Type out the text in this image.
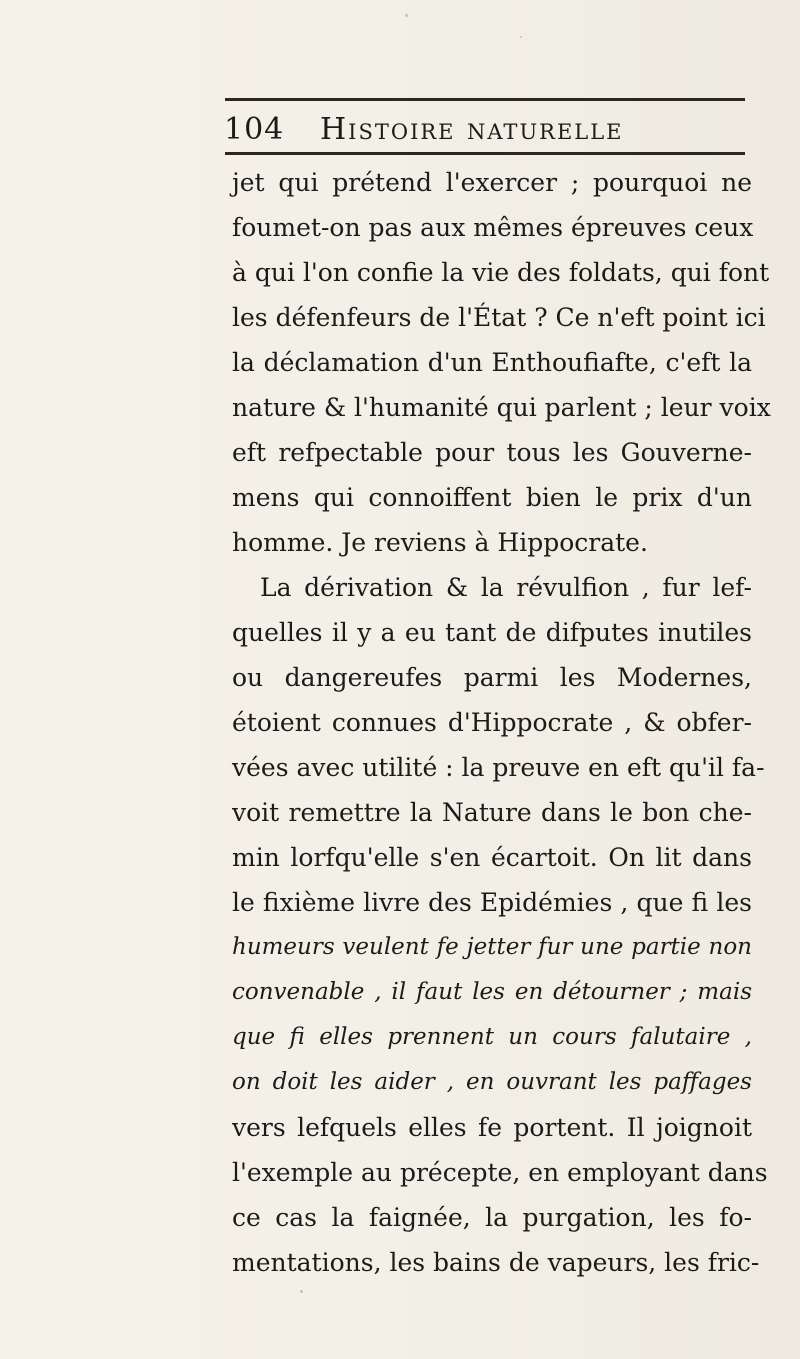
104 Histoire naturelle
jet qui prétend l'exercer ; pourquoi ne
foumet-on pas aux mêmes épreuves ceux
à qui l'on confie la vie des foldats, qui font
les défenfeurs de l'État ? Ce n'eft point ici
la déclamation d'un Enthoufiafte, c'eft la
nature & l'humanité qui parlent ; leur voix
eft refpectable pour tous les Gouverne-
mens qui connoiffent bien le prix d'un
homme. Je reviens à Hippocrate.
La dérivation & la révulfion , fur lef-
quelles il y a eu tant de difputes inutiles
ou dangereufes parmi les Modernes,
étoient connues d'Hippocrate , & obfer-
vées avec utilité : la preuve en eft qu'il fa-
voit remettre la Nature dans le bon che-
min lorfqu'elle s'en écartoit. On lit dans
le fixième livre des Epidémies , que fi les
humeurs veulent fe jetter fur une partie non
convenable , il faut les en détourner ; mais
que fi elles prennent un cours falutaire ,
on doit les aider , en ouvrant les paffages
vers lefquels elles fe portent. Il joignoit
l'exemple au précepte, en employant dans
ce cas la faignée, la purgation, les fo-
mentations, les bains de vapeurs, les fric-
